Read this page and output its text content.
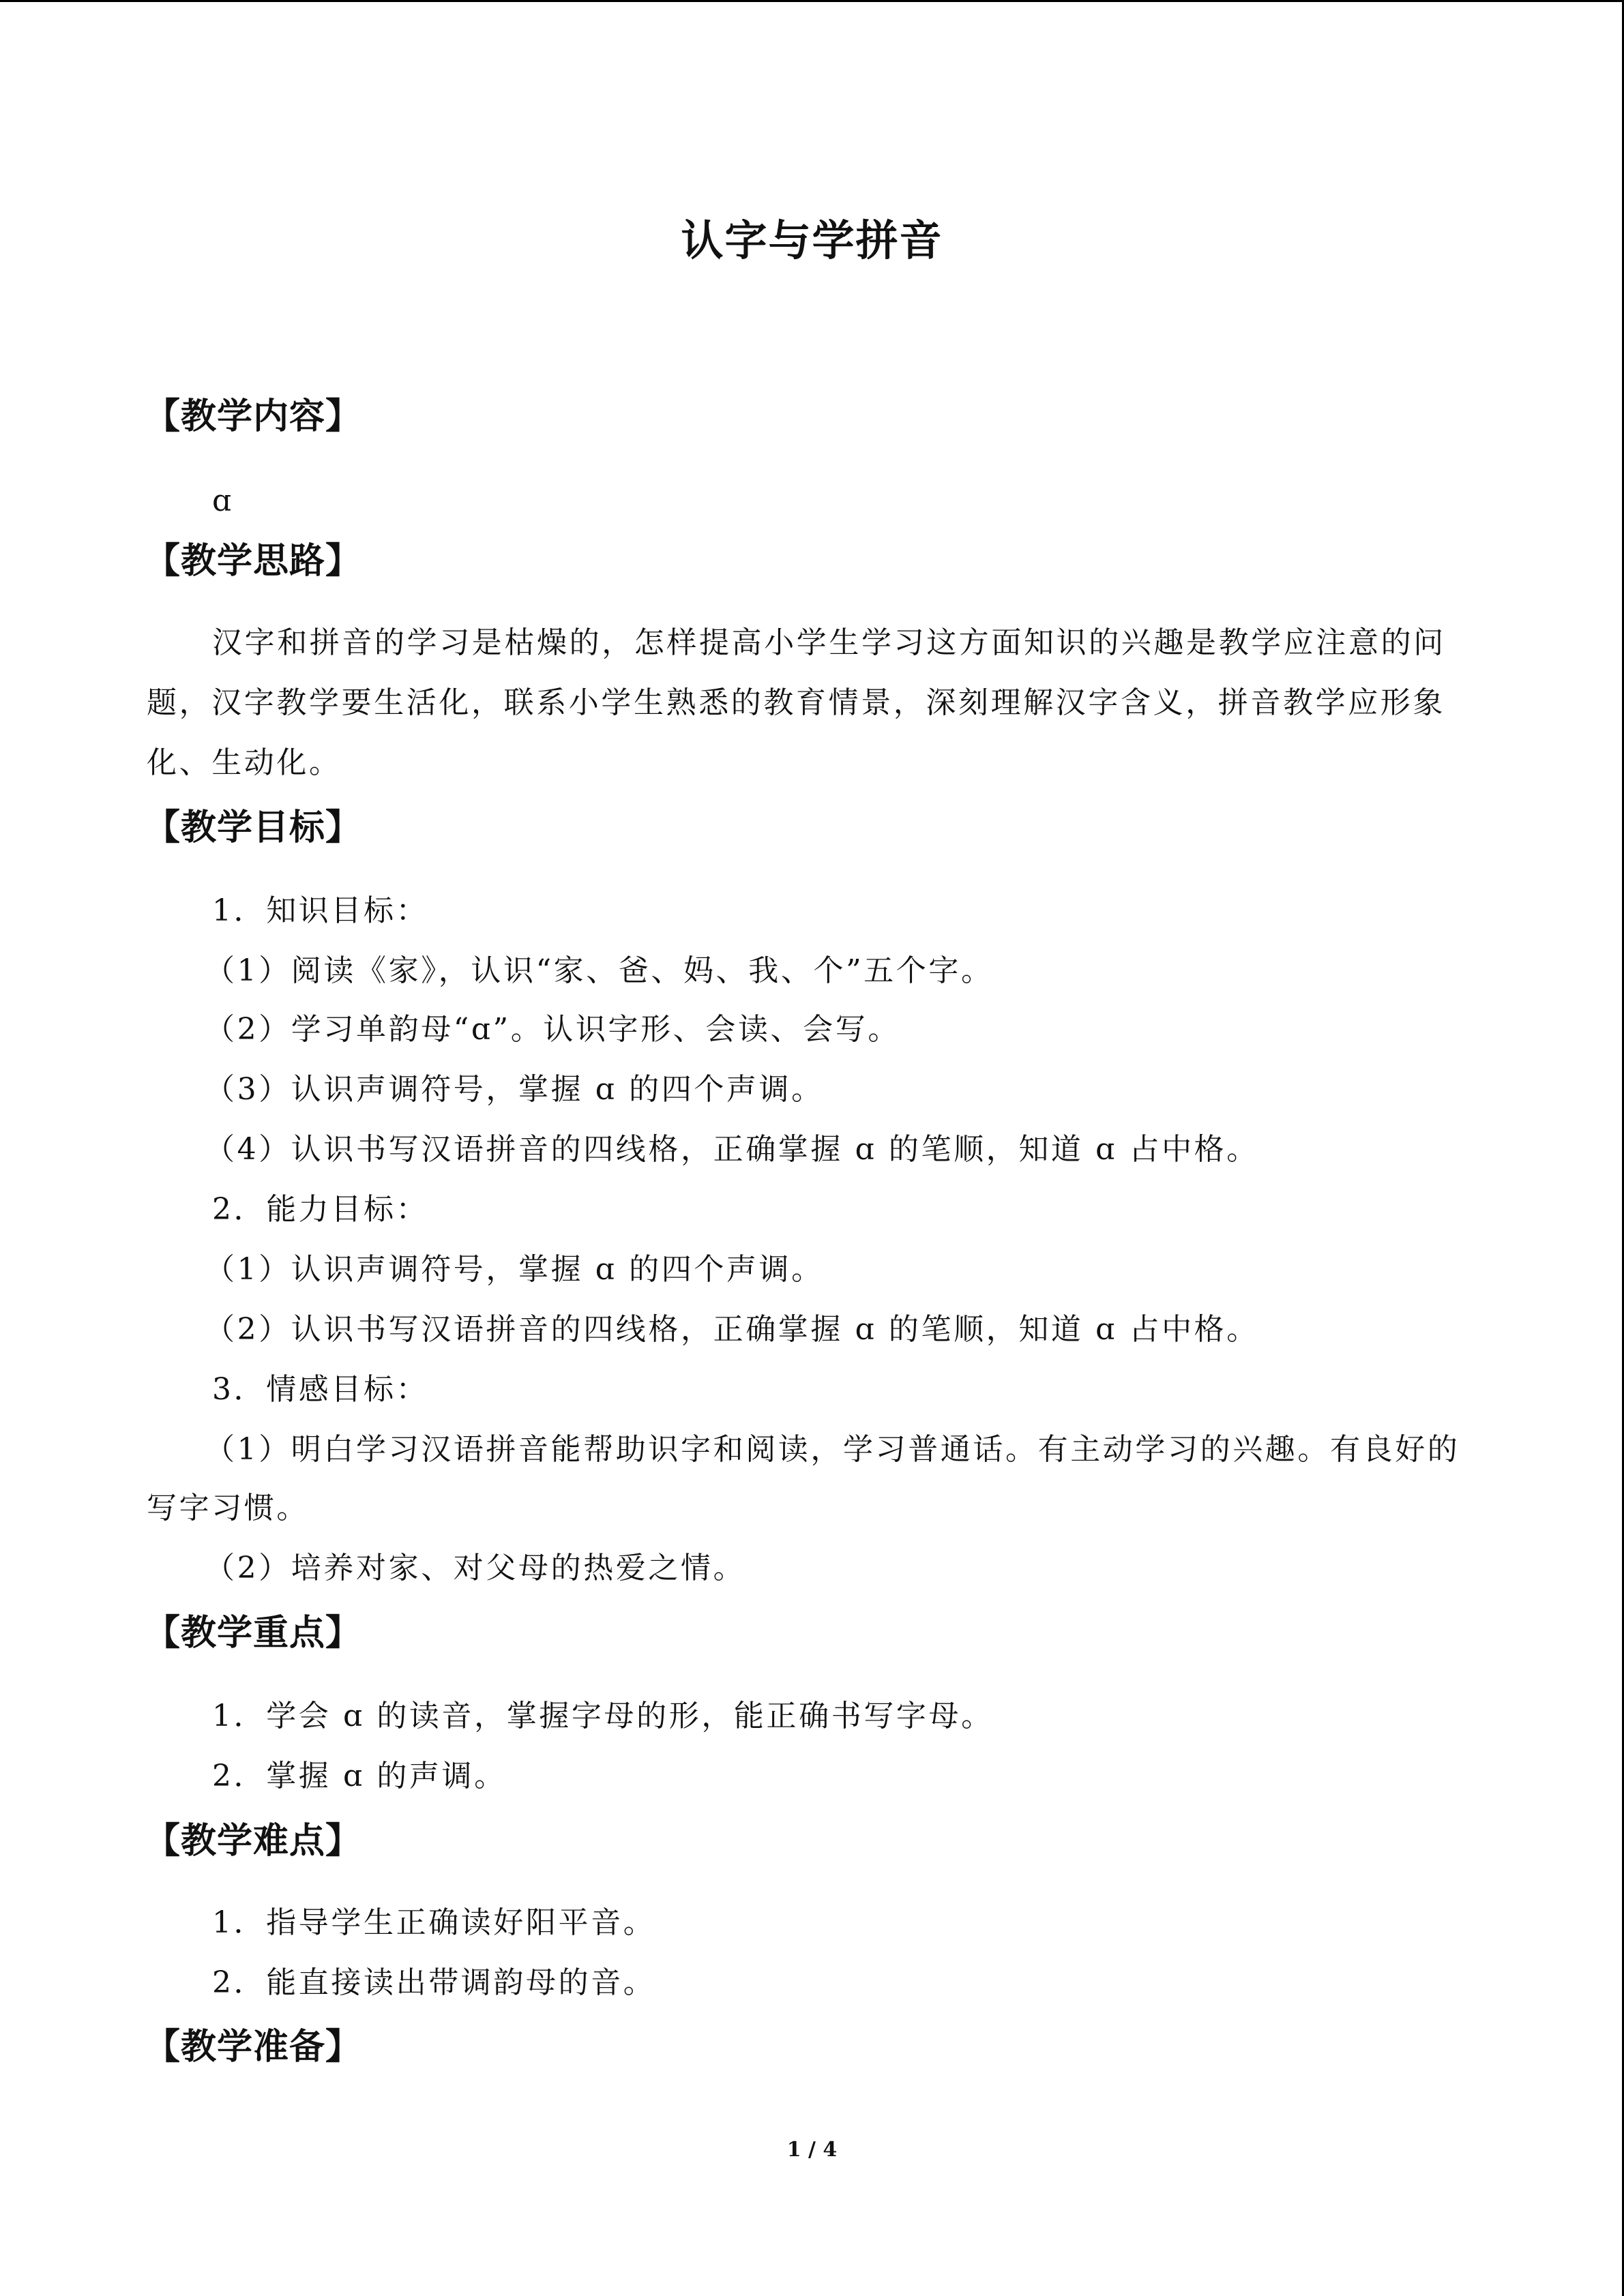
认字与学拼音
【教学内容】
ɑ
【教学思路】
汉字和拼音的学习是枯燥的，怎样提高小学生学习这方面知识的兴趣是教学应注意的问
题，汉字教学要生活化，联系小学生熟悉的教育情景，深刻理解汉字含义，拼音教学应形象
化、生动化。
【教学目标】
1．知识目标：
（1）阅读《家》，认识“家、爸、妈、我、个”五个字。
（2）学习单韵母“ɑ”。认识字形、会读、会写。
（3）认识声调符号，掌握 ɑ 的四个声调。
（4）认识书写汉语拼音的四线格，正确掌握 ɑ 的笔顺，知道 ɑ 占中格。
2．能力目标：
（1）认识声调符号，掌握 ɑ 的四个声调。
（2）认识书写汉语拼音的四线格，正确掌握 ɑ 的笔顺，知道 ɑ 占中格。
3．情感目标：
（1）明白学习汉语拼音能帮助识字和阅读，学习普通话。有主动学习的兴趣。有良好的
写字习惯。
（2）培养对家、对父母的热爱之情。
【教学重点】
1．学会 ɑ 的读音，掌握字母的形，能正确书写字母。
2．掌握 ɑ 的声调。
【教学难点】
1．指导学生正确读好阳平音。
2．能直接读出带调韵母的音。
【教学准备】
1 / 4
